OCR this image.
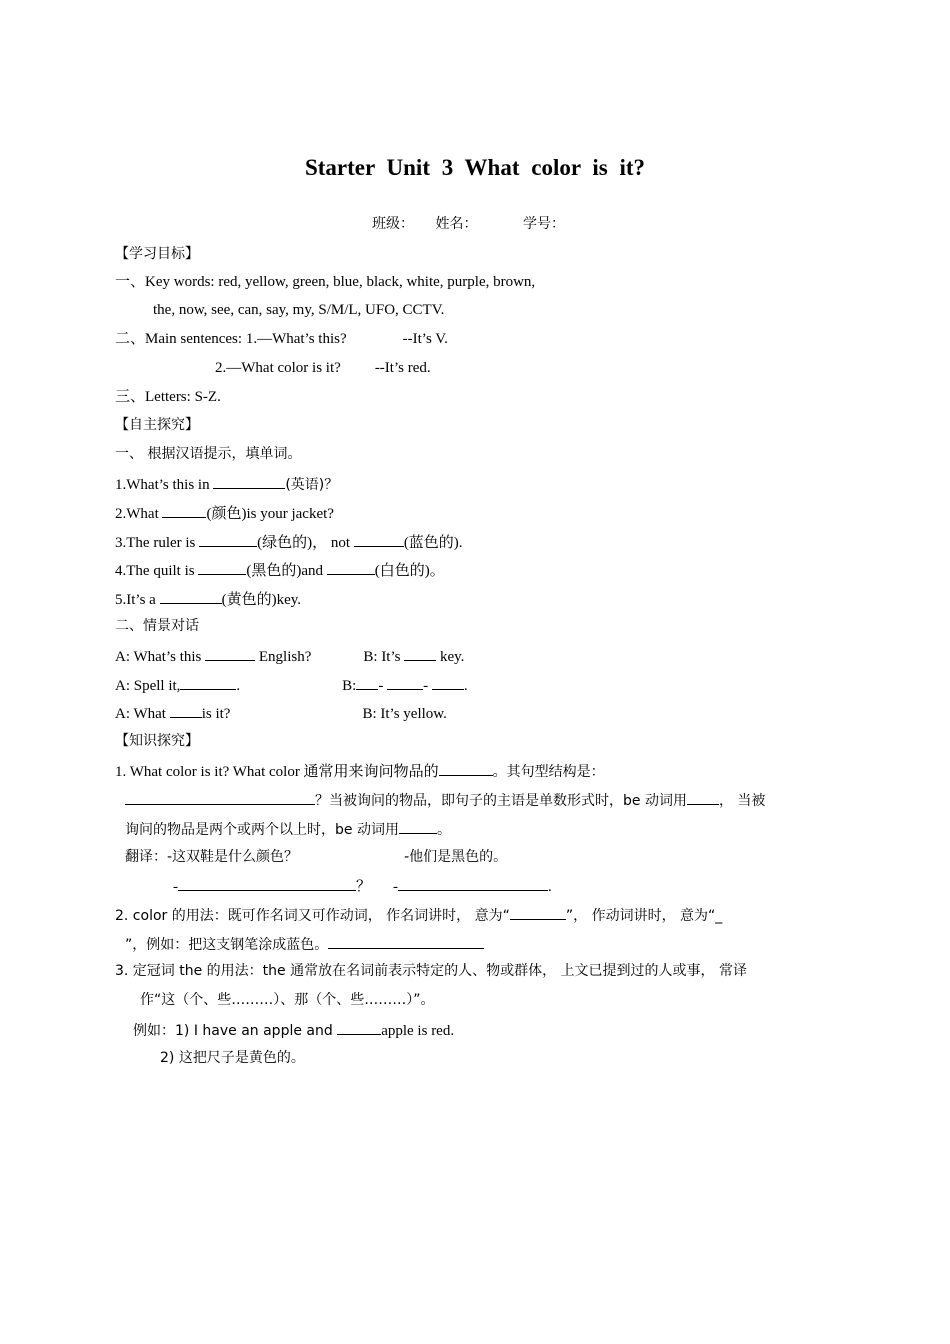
Starter Unit 3 What color is it?
班级： 姓名：	学号：
【学习目标】
一、Key words: red, yellow, green, blue, black, white, purple, brown,
the, now, see, can, say, my, S/M/L, UFO, CCTV.
二、Main sentences: 1.—What’s this?	--It’s V.
2.—What color is it? --It’s red.
三、Letters: S-Z.
【自主探究】
一、 根据汉语提示，填单词。
1.What’s this in	(英语)？
2.What	(颜色)is your jacket?
3.The ruler is	(绿色的)， not	(蓝色的).
4.The quilt is	(黑色的)and	(白色的)。
5.It’s a	(黄色的)key.
二、情景对话
A: What’s this	English?	B: It’s  key.
A: Spell it,	.	B: - - .
A: What is it?	B: It’s yellow.
【知识探究】
1. What color is it? What color 通常用来询问物品的	。其句型结构是：
？当被询问的物品，即句子的主语是单数形式时，be 动词用 ， 当被
询问的物品是两个或两个以上时，be 动词用	。
翻译：-这双鞋是什么颜色？	-他们是黑色的。
-	？ -	.
2. color 的用法：既可作名词又可作动词， 作名词讲时， 意为“	”， 作动词讲时， 意为“_
”，例如：把这支钢笔涂成蓝色。
3. 定冠词 the 的用法：the 通常放在名词前表示特定的人、物或群体， 上文已提到过的人或事， 常译
作“这（个、些………）、那（个、些………）”。
例如：1) I have an apple and	apple is red.
2) 这把尺子是黄色的。
